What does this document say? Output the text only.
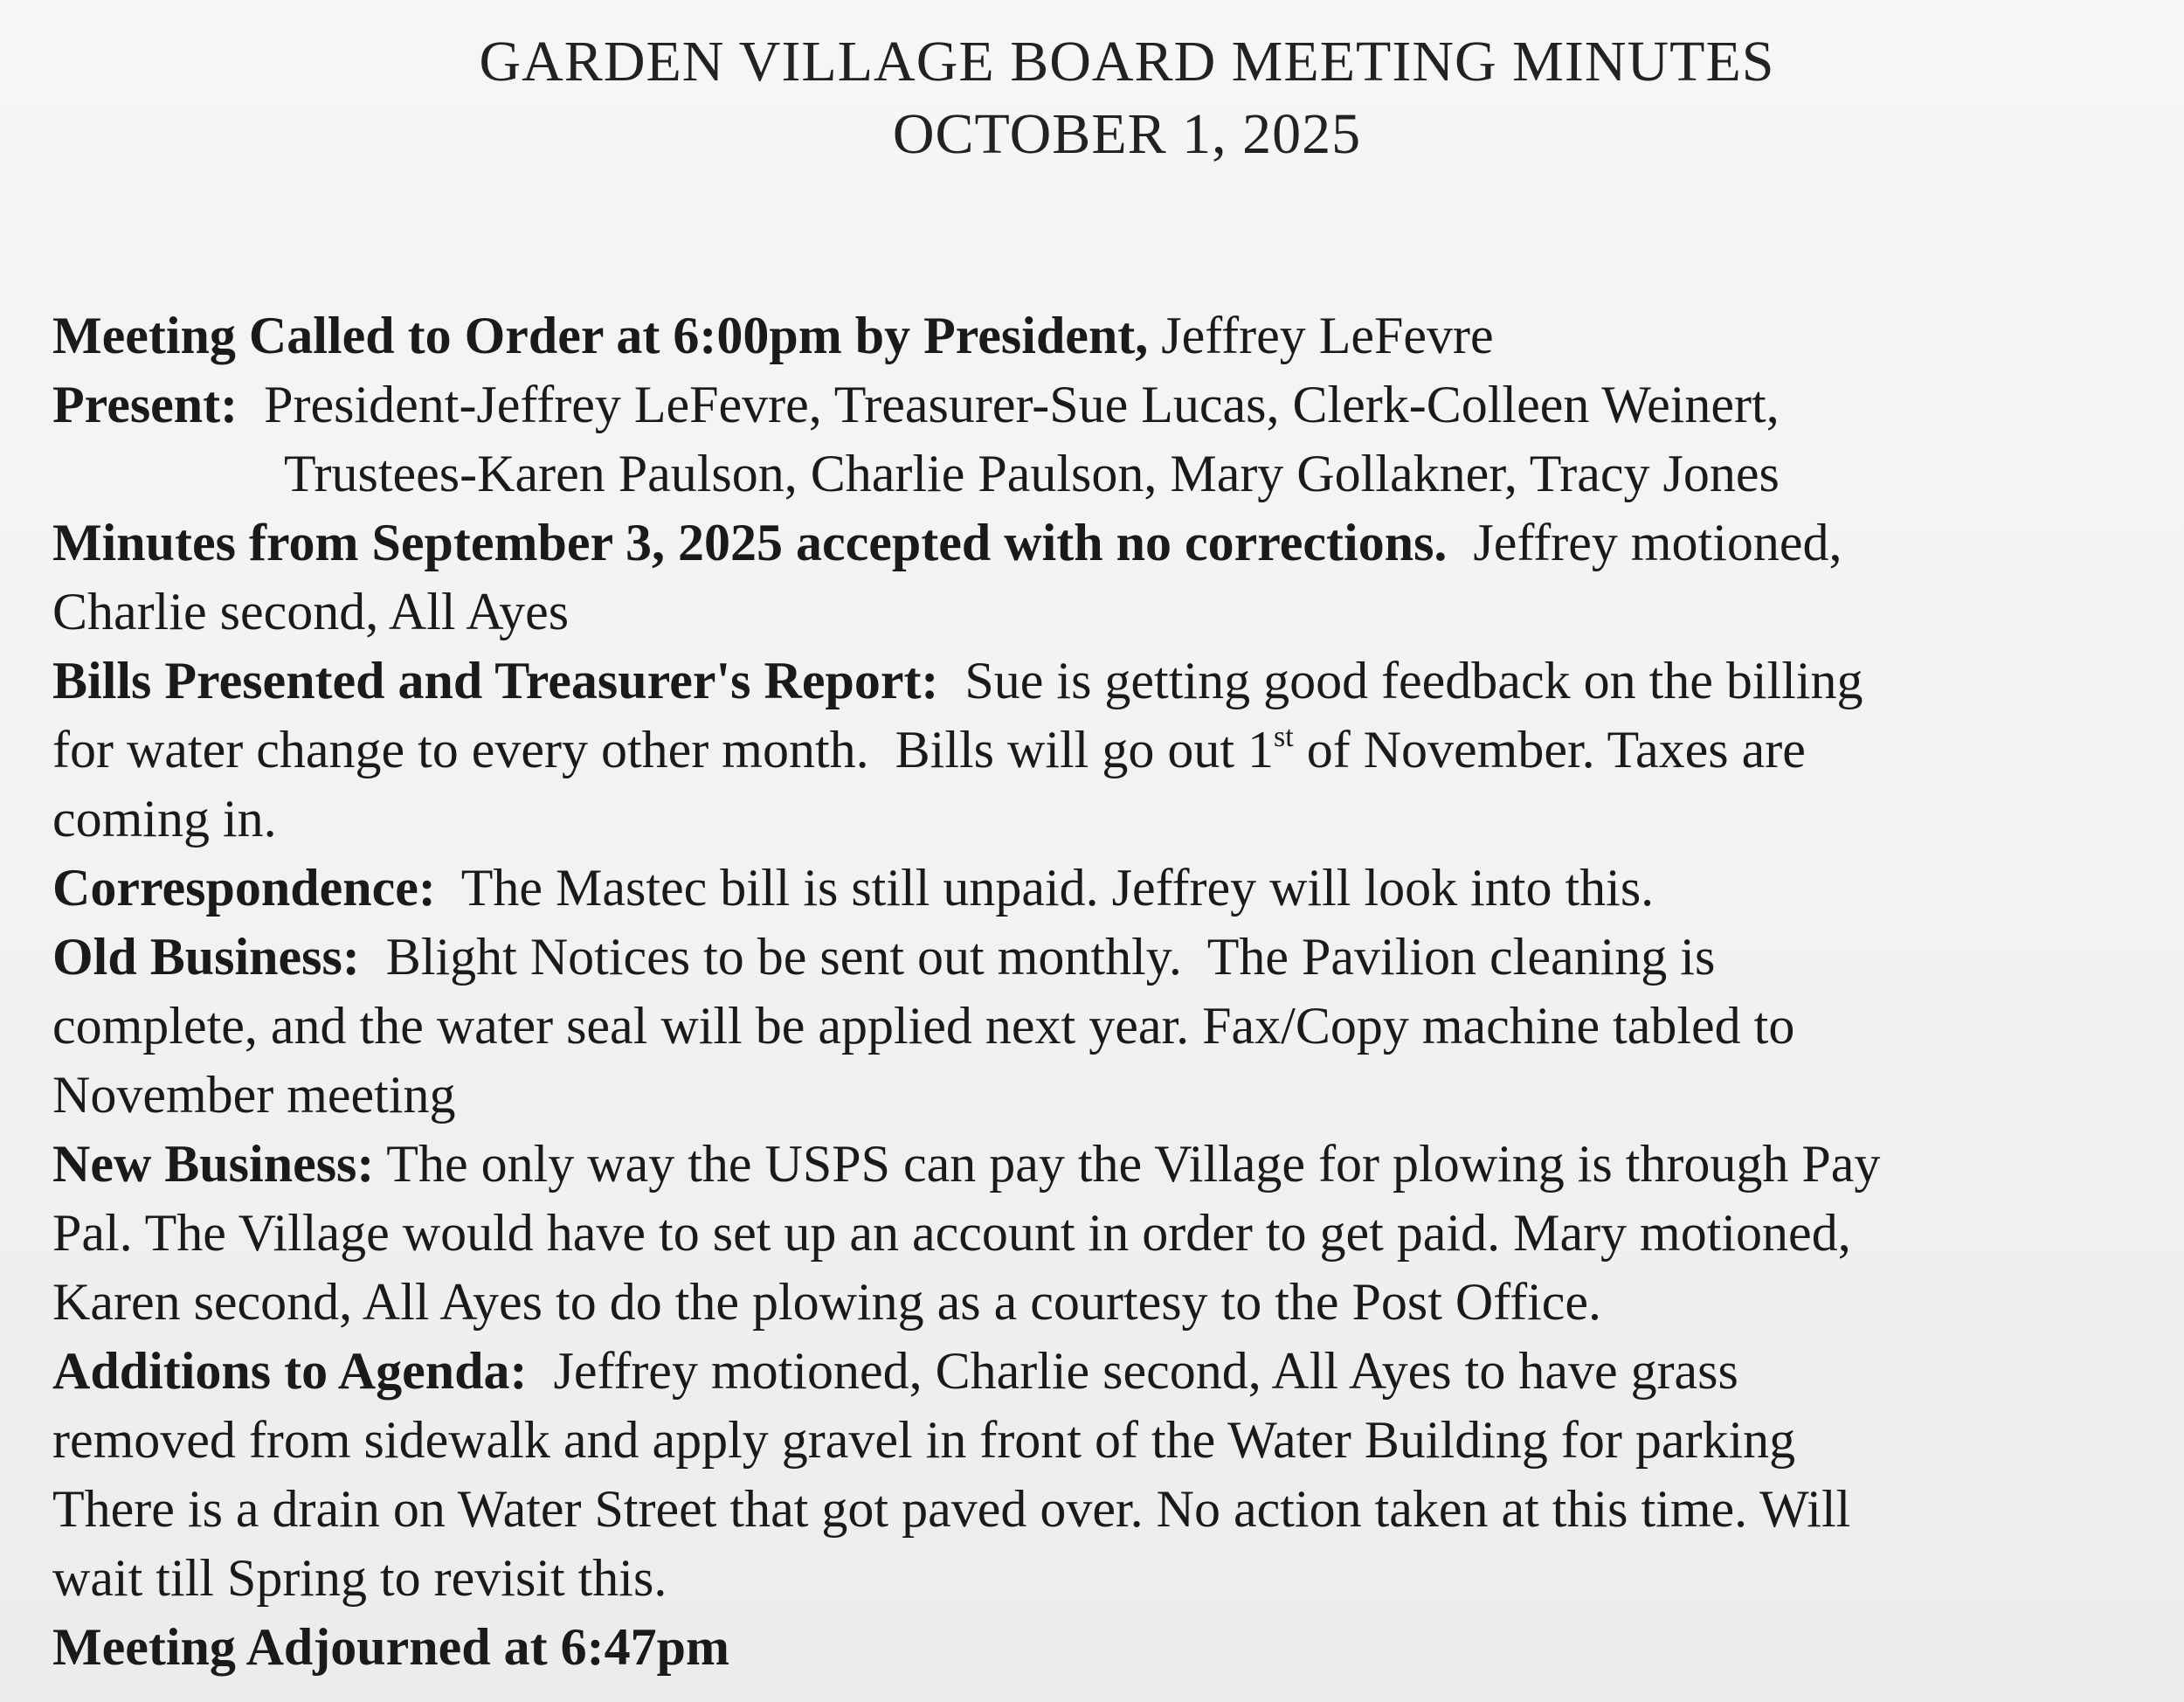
GARDEN VILLAGE BOARD MEETING MINUTES
OCTOBER 1, 2025
Meeting Called to Order at 6:00pm by President, Jeffrey LeFevre
Present:  President-Jeffrey LeFevre, Treasurer-Sue Lucas, Clerk-Colleen Weinert,
Trustees-Karen Paulson, Charlie Paulson, Mary Gollakner, Tracy Jones
Minutes from September 3, 2025 accepted with no corrections.  Jeffrey motioned,
Charlie second, All Ayes
Bills Presented and Treasurer's Report:  Sue is getting good feedback on the billing
for water change to every other month.  Bills will go out 1st of November. Taxes are
coming in.
Correspondence:  The Mastec bill is still unpaid. Jeffrey will look into this.
Old Business:  Blight Notices to be sent out monthly.  The Pavilion cleaning is
complete, and the water seal will be applied next year. Fax/Copy machine tabled to
November meeting
New Business: The only way the USPS can pay the Village for plowing is through Pay
Pal. The Village would have to set up an account in order to get paid. Mary motioned,
Karen second, All Ayes to do the plowing as a courtesy to the Post Office.
Additions to Agenda:  Jeffrey motioned, Charlie second, All Ayes to have grass
removed from sidewalk and apply gravel in front of the Water Building for parking
There is a drain on Water Street that got paved over. No action taken at this time. Will
wait till Spring to revisit this.
Meeting Adjourned at 6:47pm
